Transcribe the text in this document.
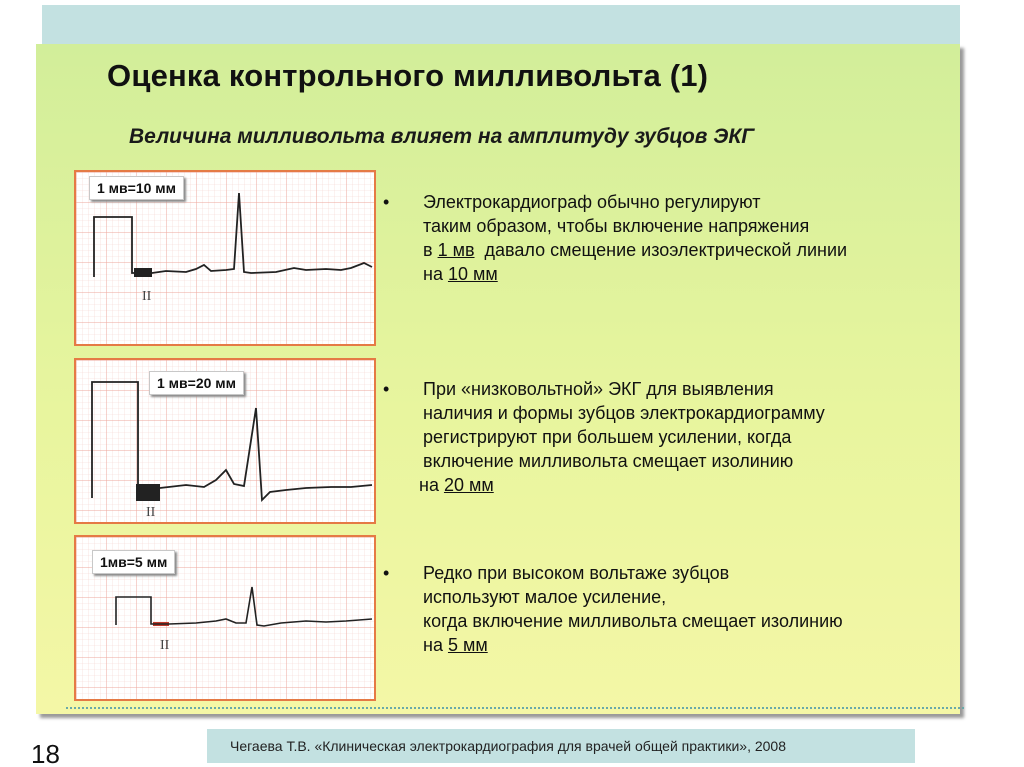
Оценка контрольного милливольта (1)
Величина милливольта влияет на амплитуду зубцов ЭКГ
II
1 мв=10 мм
II
1 мв=20 мм
II
1мв=5 мм
• Электрокардиограф обычно регулируют
таким образом, чтобы включение напряжения
в 1 мв  давало смещение изоэлектрической линии
на 10 мм
• При «низковольтной» ЭКГ для выявления
наличия и формы зубцов электрокардиограмму
регистрируют при большем усилении, когда
включение милливольта смещает изолинию
на 20 мм
• Редко при высоком вольтаже зубцов
используют малое усиление,
когда включение милливольта смещает изолинию
на 5 мм
Чегаева Т.В. «Клиническая электрокардиография для врачей общей практики», 2008
18
